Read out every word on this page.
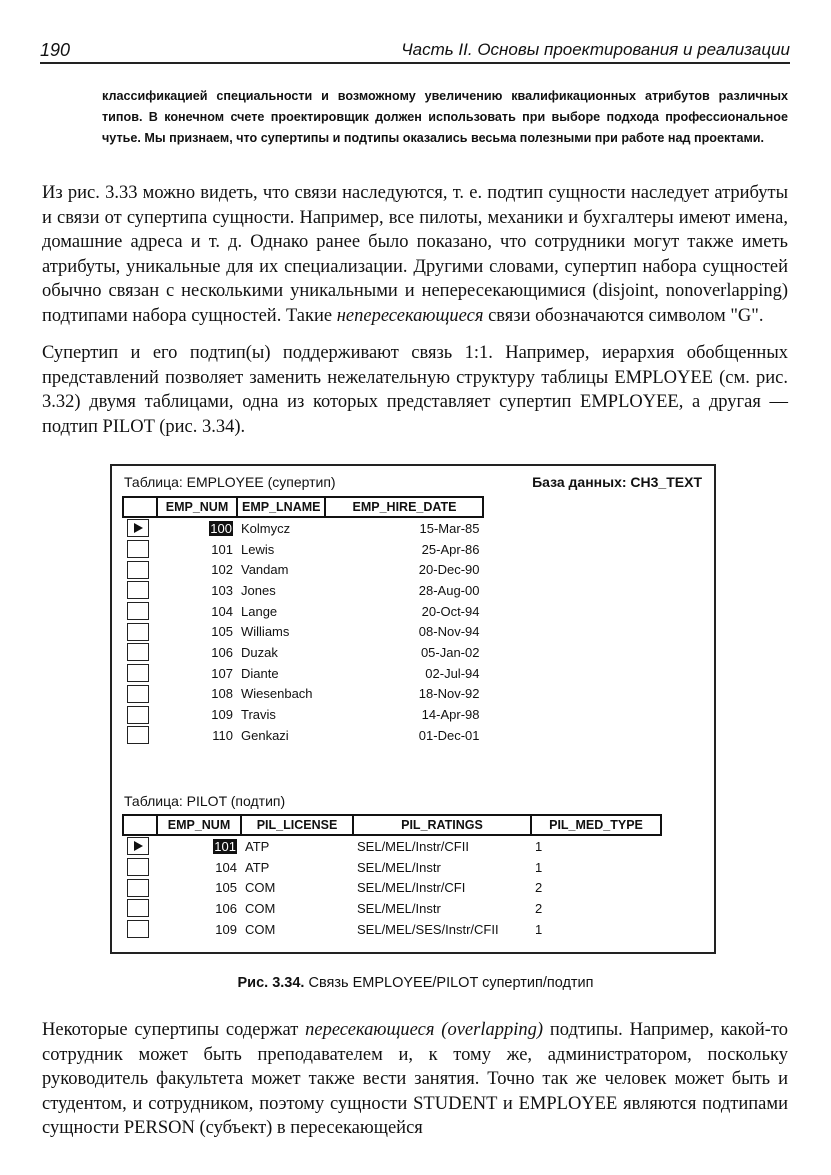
190	Часть II. Основы проектирования и реализации
классификацией специальности и возможному увеличению квалификационных атрибутов различных типов. В конечном счете проектировщик должен использовать при выборе подхода профессиональное чутье. Мы признаем, что супертипы и подтипы оказались весьма полезными при работе над проектами.
Из рис. 3.33 можно видеть, что связи наследуются, т. е. подтип сущности наследует атрибуты и связи от супертипа сущности. Например, все пилоты, механики и бухгалтеры имеют имена, домашние адреса и т. д. Однако ранее было показано, что сотрудники могут также иметь атрибуты, уникальные для их специализации. Другими словами, супертип набора сущностей обычно связан с несколькими уникальными и непересекающимися (disjoint, nonoverlapping) подтипами набора сущностей. Такие непересекающиеся связи обозначаются символом "G".
Супертип и его подтип(ы) поддерживают связь 1:1. Например, иерархия обобщенных представлений позволяет заменить нежелательную структуру таблицы EMPLOYEE (см. рис. 3.32) двумя таблицами, одна из которых представляет супертип EMPLOYEE, а другая — подтип PILOT (рис. 3.34).
Таблица: EMPLOYEE (супертип)	База данных: CH3_TEXT
	EMP_NUM	EMP_LNAME	EMP_HIRE_DATE

	100	Kolmycz	15-Mar-85

	101	Lewis	25-Apr-86

	102	Vandam	20-Dec-90

	103	Jones	28-Aug-00

	104	Lange	20-Oct-94

	105	Williams	08-Nov-94

	106	Duzak	05-Jan-02

	107	Diante	02-Jul-94

	108	Wiesenbach	18-Nov-92

	109	Travis	14-Apr-98

	110	Genkazi	01-Dec-01
Таблица: PILOT (подтип)
	EMP_NUM	PIL_LICENSE	PIL_RATINGS	PIL_MED_TYPE

	101	ATP	SEL/MEL/Instr/CFII	1

	104	ATP	SEL/MEL/Instr	1

	105	COM	SEL/MEL/Instr/CFI	2

	106	COM	SEL/MEL/Instr	2

	109	COM	SEL/MEL/SES/Instr/CFII	1
Рис. 3.34. Связь EMPLOYEE/PILOT супертип/подтип
Некоторые супертипы содержат пересекающиеся (overlapping) подтипы. Например, какой-то сотрудник может быть преподавателем и, к тому же, администратором, поскольку руководитель факультета может также вести занятия. Точно так же человек может быть и студентом, и сотрудником, поэтому сущности STUDENT и EMPLOYEE являются подтипами сущности PERSON (субъект) в пересекающейся
